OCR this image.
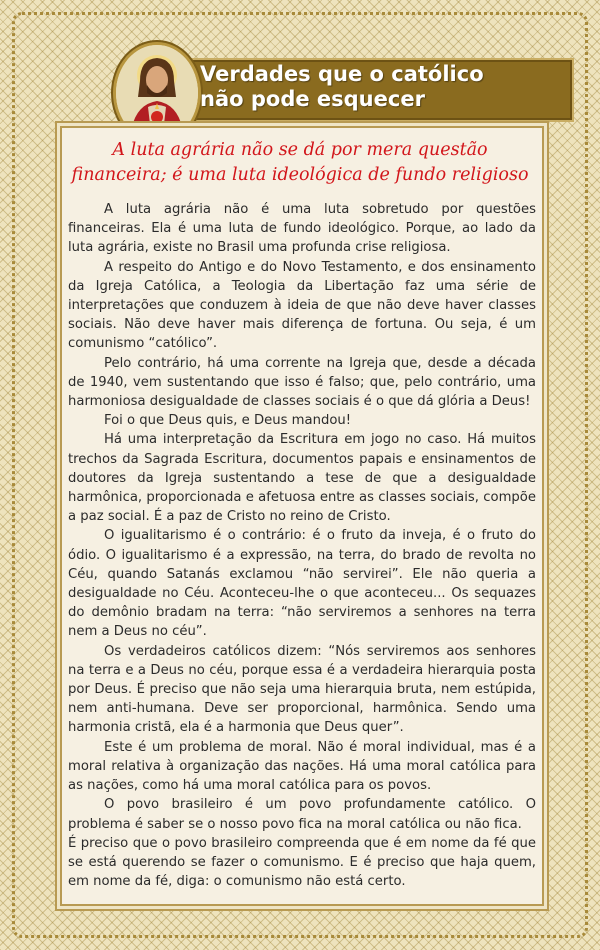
Verdades que o católico
não pode esquecer
A luta agrária não se dá por mera questão
financeira; é uma luta ideológica de fundo religioso

A luta agrária não é uma luta sobretudo por questões financeiras. Ela é uma luta de fundo ideológico. Porque, ao lado da luta agrária, existe no Brasil uma profunda crise religiosa.

A respeito do Antigo e do Novo Testamento, e dos ensinamento da Igreja Católica, a Teologia da Libertação faz uma série de interpretações que conduzem à ideia de que não deve haver classes sociais. Não deve haver mais diferença de fortuna. Ou seja, é um comunismo “católico”.

Pelo contrário, há uma corrente na Igreja que, desde a década de 1940, vem sustentando que isso é falso; que, pelo contrário, uma harmoniosa desigualdade de classes sociais é o que dá glória a Deus!

Foi o que Deus quis, e Deus mandou!

Há uma interpretação da Escritura em jogo no caso. Há muitos trechos da Sagrada Escritura, documentos papais e ensinamentos de doutores da Igreja sustentando a tese de que a desigualdade harmônica, proporcionada e afetuosa entre as classes sociais, compõe a paz social. É a paz de Cristo no reino de Cristo.

O igualitarismo é o contrário: é o fruto da inveja, é o fruto do ódio. O igualitarismo é a expressão, na terra, do brado de revolta no Céu, quando Satanás exclamou “não servirei”. Ele não queria a desigualdade no Céu. Aconteceu-lhe o que aconteceu... Os sequazes do demônio bradam na terra: “não serviremos a senhores na terra nem a Deus no céu”.

Os verdadeiros católicos dizem: “Nós serviremos aos senhores na terra e a Deus no céu, porque essa é a verdadeira hierarquia posta por Deus. É preciso que não seja uma hierarquia bruta, nem estúpida, nem anti-humana. Deve ser proporcional, harmônica. Sendo uma harmonia cristã, ela é a harmonia que Deus quer”.

Este é um problema de moral. Não é moral individual, mas é a moral relativa à organização das nações. Há uma moral católica para as nações, como há uma moral católica para os povos.

O povo brasileiro é um povo profundamente católico. O problema é saber se o nosso povo fica na moral católica ou não fica.

É preciso que o povo brasileiro compreenda que é em nome da fé que se está querendo se fazer o comunismo. E é preciso que haja quem, em nome da fé, diga: o comunismo não está certo.
